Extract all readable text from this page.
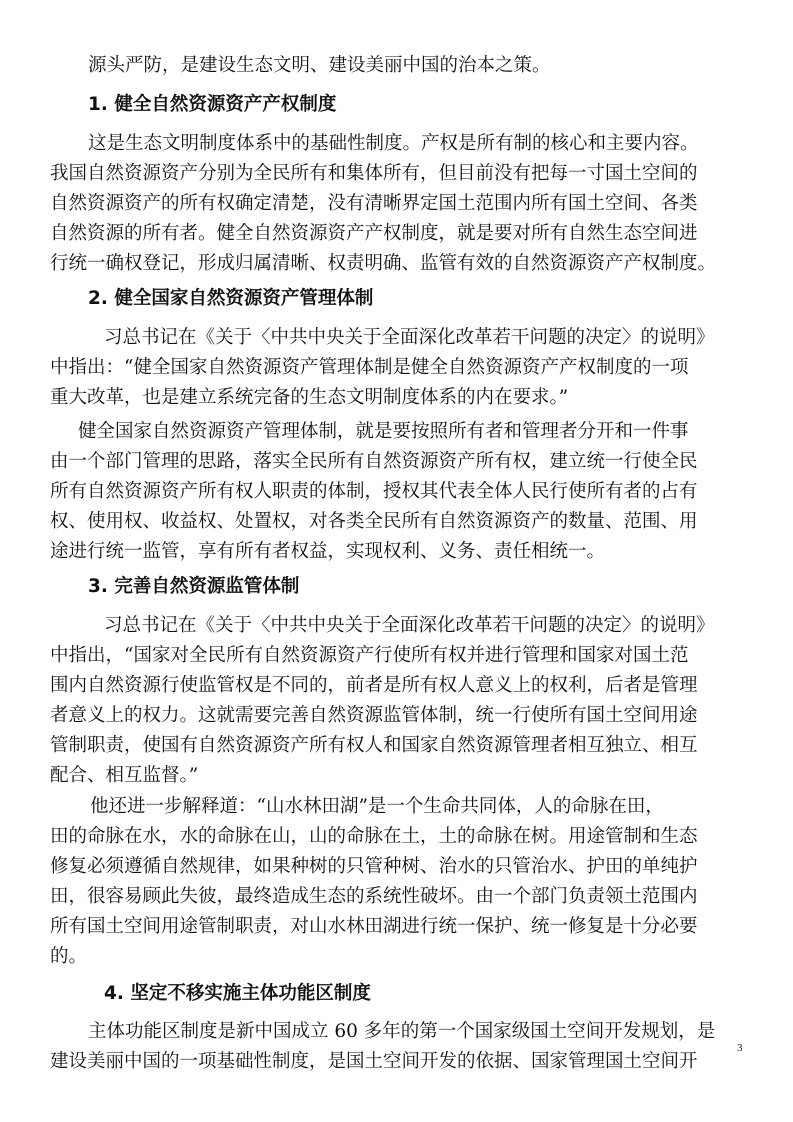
源头严防，是建设生态文明、建设美丽中国的治本之策。
1. 健全自然资源资产产权制度
这是生态文明制度体系中的基础性制度。产权是所有制的核心和主要内容。
我国自然资源资产分别为全民所有和集体所有，但目前没有把每一寸国土空间的
自然资源资产的所有权确定清楚，没有清晰界定国土范围内所有国土空间、各类
自然资源的所有者。健全自然资源资产产权制度，就是要对所有自然生态空间进
行统一确权登记，形成归属清晰、权责明确、监管有效的自然资源资产产权制度。
2. 健全国家自然资源资产管理体制
习总书记在《关于〈中共中央关于全面深化改革若干问题的决定〉的说明》
中指出：“健全国家自然资源资产管理体制是健全自然资源资产产权制度的一项
重大改革，也是建立系统完备的生态文明制度体系的内在要求。”
健全国家自然资源资产管理体制，就是要按照所有者和管理者分开和一件事
由一个部门管理的思路，落实全民所有自然资源资产所有权，建立统一行使全民
所有自然资源资产所有权人职责的体制，授权其代表全体人民行使所有者的占有
权、使用权、收益权、处置权，对各类全民所有自然资源资产的数量、范围、用
途进行统一监管，享有所有者权益，实现权利、义务、责任相统一。
3. 完善自然资源监管体制
习总书记在《关于〈中共中央关于全面深化改革若干问题的决定〉的说明》
中指出，“国家对全民所有自然资源资产行使所有权并进行管理和国家对国土范
围内自然资源行使监管权是不同的，前者是所有权人意义上的权利，后者是管理
者意义上的权力。这就需要完善自然资源监管体制，统一行使所有国土空间用途
管制职责，使国有自然资源资产所有权人和国家自然资源管理者相互独立、相互
配合、相互监督。”
他还进一步解释道：“山水林田湖”是一个生命共同体，人的命脉在田，
田的命脉在水，水的命脉在山，山的命脉在土，土的命脉在树。用途管制和生态
修复必须遵循自然规律，如果种树的只管种树、治水的只管治水、护田的单纯护
田，很容易顾此失彼，最终造成生态的系统性破坏。由一个部门负责领土范围内
所有国土空间用途管制职责，对山水林田湖进行统一保护、统一修复是十分必要
的。
4. 坚定不移实施主体功能区制度
主体功能区制度是新中国成立 60 多年的第一个国家级国土空间开发规划，是
建设美丽中国的一项基础性制度，是国土空间开发的依据、国家管理国土空间开
3
